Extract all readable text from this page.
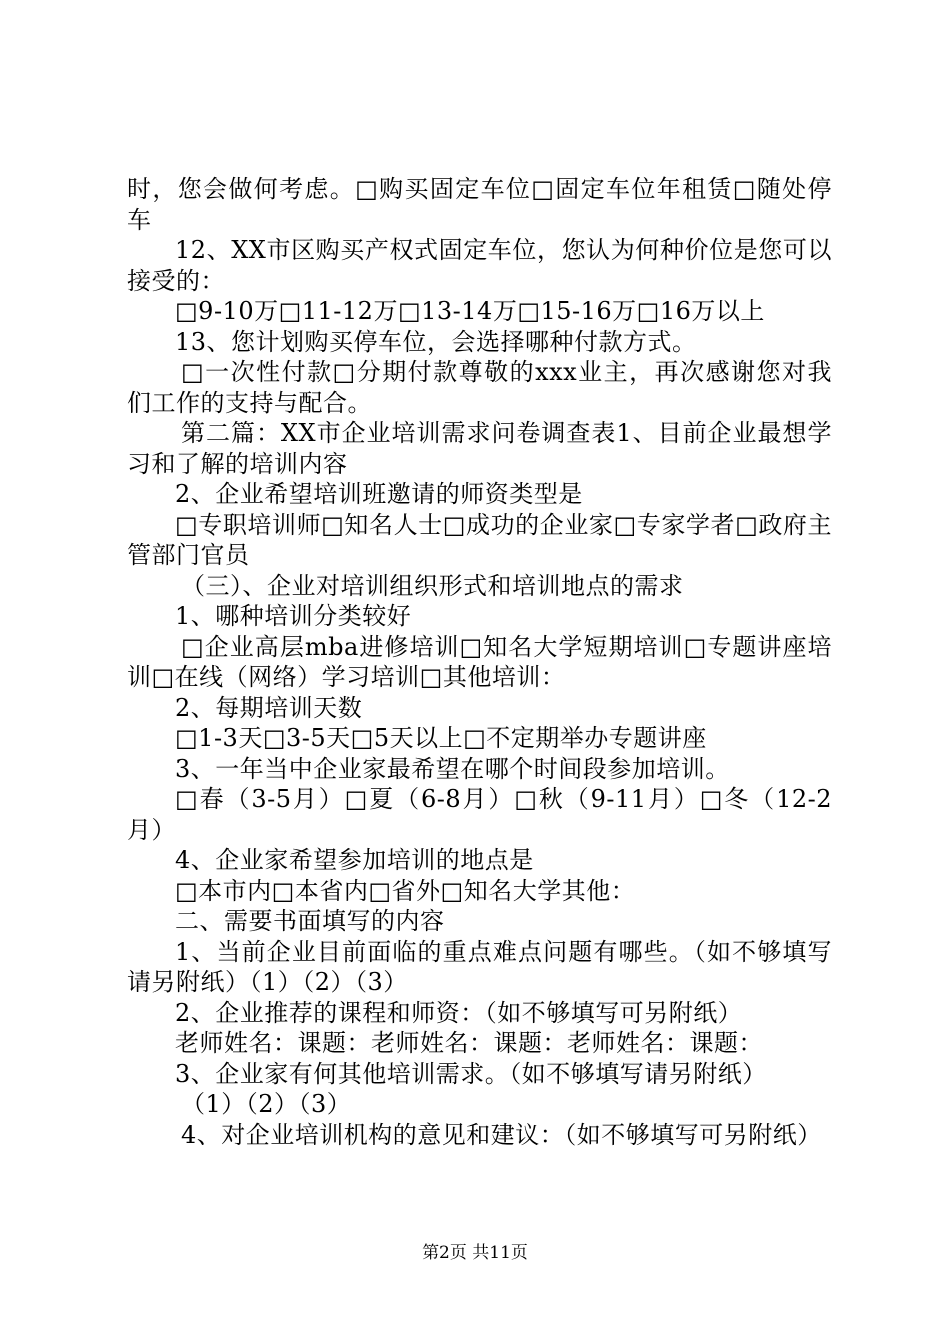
时，您会做何考虑。□购买固定车位□固定车位年租赁□随处停车

12、XX市区购买产权式固定车位，您认为何种价位是您可以接受的：

□9-10万□11-12万□13-14万□15-16万□16万以上

13、您计划购买停车位，会选择哪种付款方式。

□一次性付款□分期付款尊敬的xxx业主，再次感谢您对我们工作的支持与配合。

第二篇：XX市企业培训需求问卷调查表1、目前企业最想学习和了解的培训内容

2、企业希望培训班邀请的师资类型是

□专职培训师□知名人士□成功的企业家□专家学者□政府主管部门官员

（三）、企业对培训组织形式和培训地点的需求

1、哪种培训分类较好

□企业高层mba进修培训□知名大学短期培训□专题讲座培训□在线（网络）学习培训□其他培训：

2、每期培训天数

□1-3天□3-5天□5天以上□不定期举办专题讲座

3、一年当中企业家最希望在哪个时间段参加培训。

□春（3-5月）□夏（6-8月）□秋（9-11月）□冬（12-2月）

4、企业家希望参加培训的地点是

□本市内□本省内□省外□知名大学其他：

二、需要书面填写的内容

1、当前企业目前面临的重点难点问题有哪些。（如不够填写请另附纸）（1）（2）（3）

2、企业推荐的课程和师资：（如不够填写可另附纸）

老师姓名：课题：老师姓名：课题：老师姓名：课题：

3、企业家有何其他培训需求。（如不够填写请另附纸）

（1）（2）（3）

4、对企业培训机构的意见和建议：（如不够填写可另附纸）

第2页 共11页
